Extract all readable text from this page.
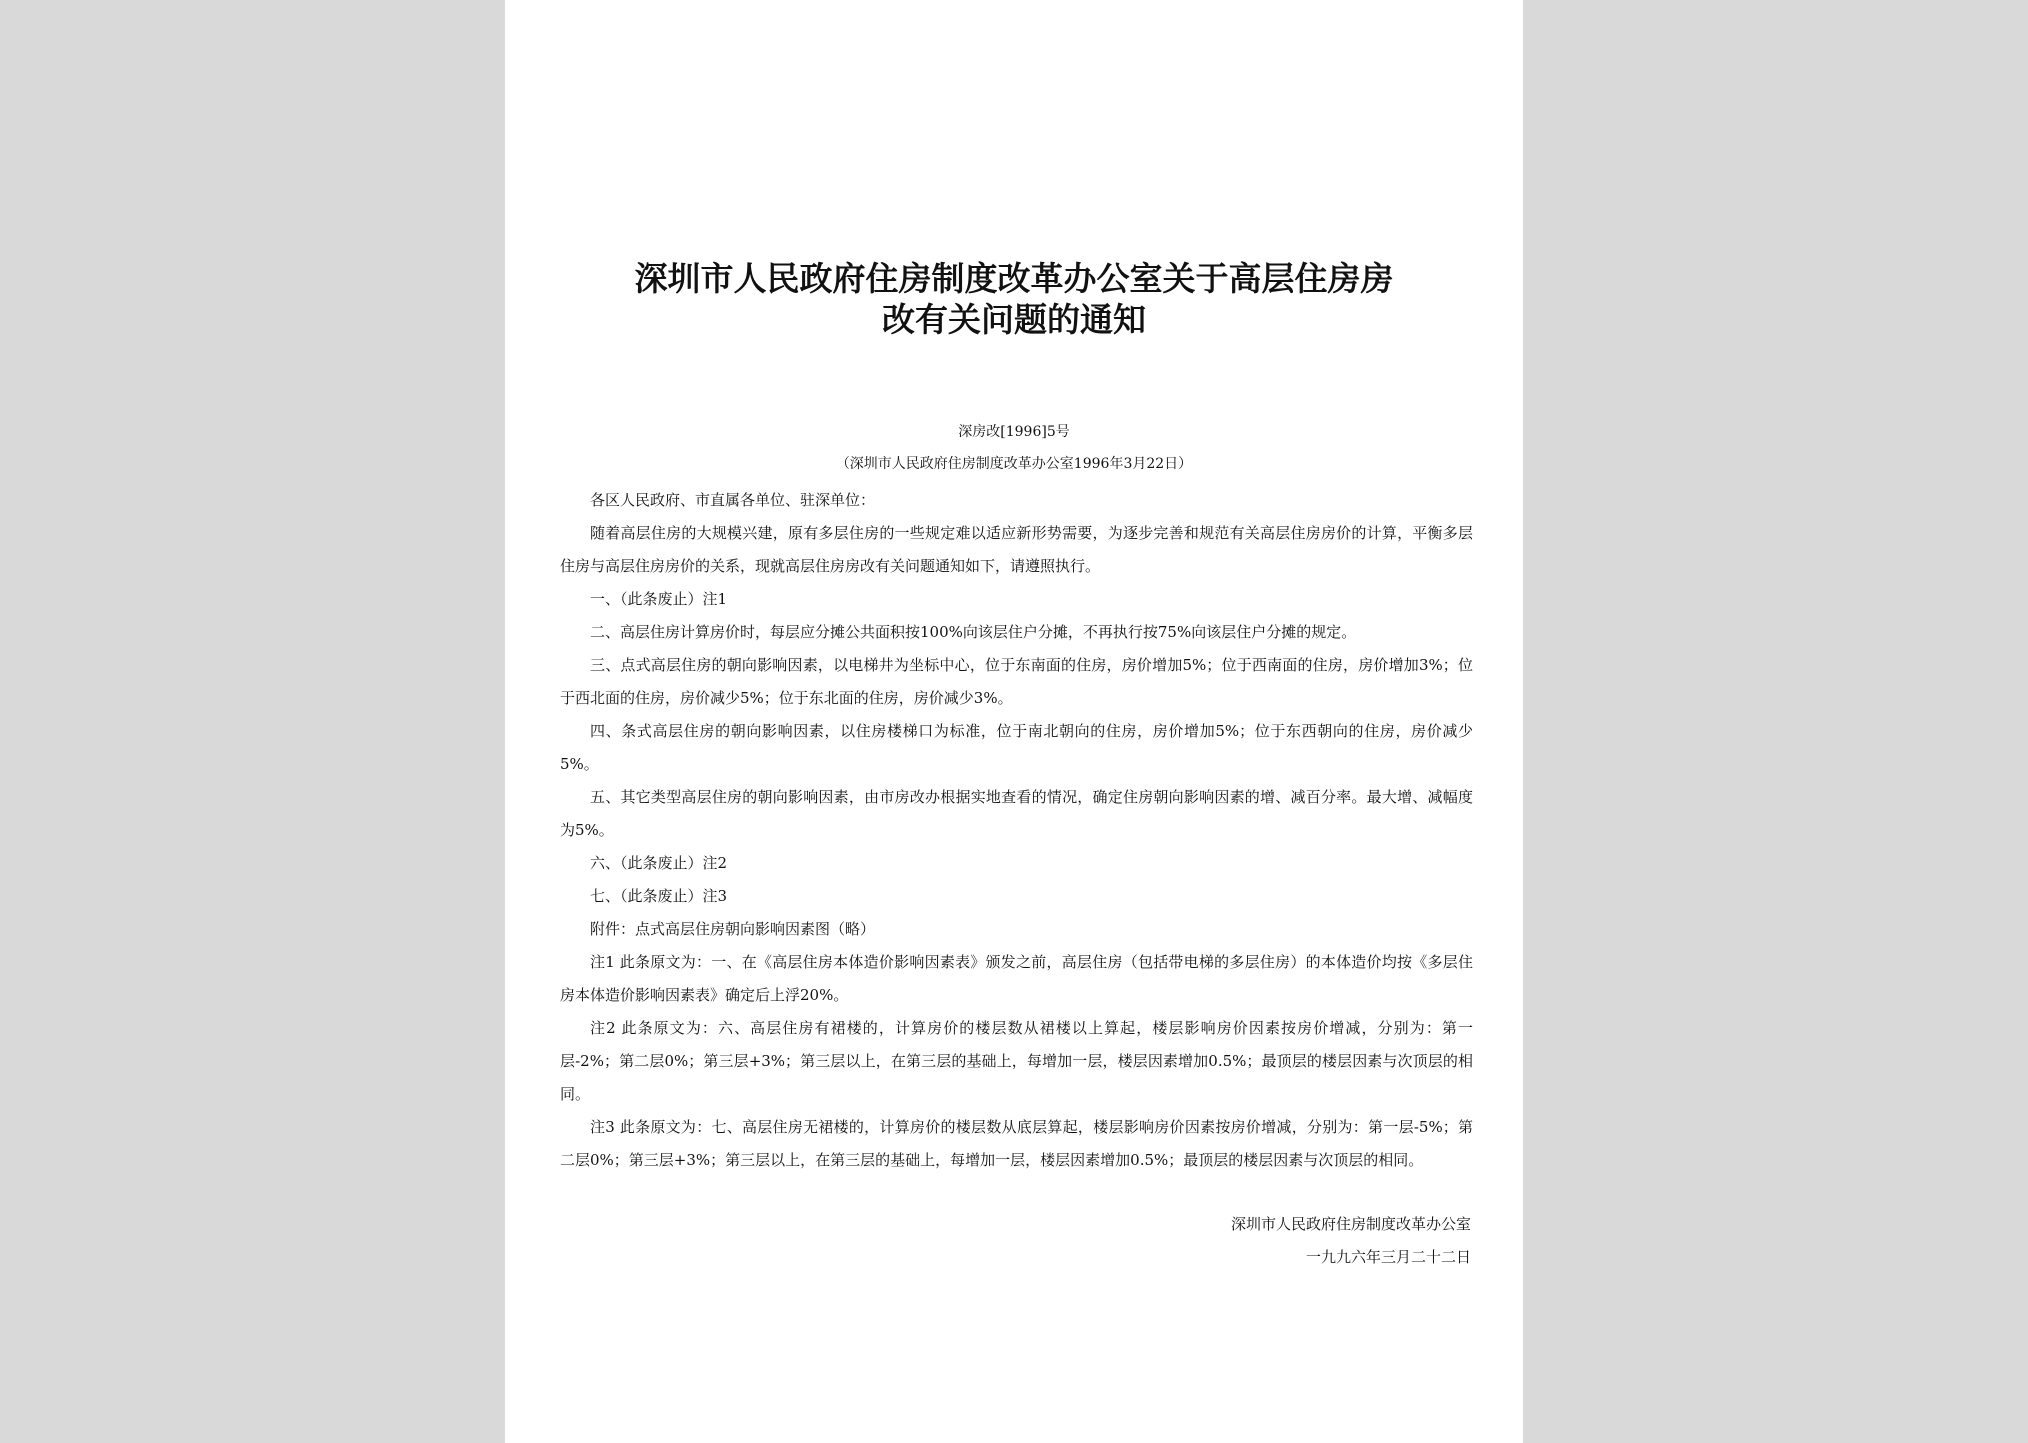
深圳市人民政府住房制度改革办公室关于高层住房房
改有关问题的通知
深房改[1996]5号
（深圳市人民政府住房制度改革办公室1996年3月22日）

各区人民政府、市直属各单位、驻深单位：

随着高层住房的大规模兴建，原有多层住房的一些规定难以适应新形势需要，为逐步完善和规范有关高层住房房价的计算，平衡多层住房与高层住房房价的关系，现就高层住房房改有关问题通知如下，请遵照执行。

一、（此条废止）注1

二、高层住房计算房价时，每层应分摊公共面积按100%向该层住户分摊，不再执行按75%向该层住户分摊的规定。

三、点式高层住房的朝向影响因素，以电梯井为坐标中心，位于东南面的住房，房价增加5%；位于西南面的住房，房价增加3%；位于西北面的住房，房价减少5%；位于东北面的住房，房价减少3%。

四、条式高层住房的朝向影响因素，以住房楼梯口为标准，位于南北朝向的住房，房价增加5%；位于东西朝向的住房，房价减少5%。

五、其它类型高层住房的朝向影响因素，由市房改办根据实地查看的情况，确定住房朝向影响因素的增、减百分率。最大增、减幅度为5%。

六、（此条废止）注2

七、（此条废止）注3

附件：点式高层住房朝向影响因素图（略）

注1 此条原文为：一、在《高层住房本体造价影响因素表》颁发之前，高层住房（包括带电梯的多层住房）的本体造价均按《多层住房本体造价影响因素表》确定后上浮20%。

注2 此条原文为：六、高层住房有裙楼的，计算房价的楼层数从裙楼以上算起，楼层影响房价因素按房价增减，分别为：第一层-2%；第二层0%；第三层+3%；第三层以上，在第三层的基础上，每增加一层，楼层因素增加0.5%；最顶层的楼层因素与次顶层的相同。

注3 此条原文为：七、高层住房无裙楼的，计算房价的楼层数从底层算起，楼层影响房价因素按房价增减，分别为：第一层-5%；第二层0%；第三层+3%；第三层以上，在第三层的基础上，每增加一层，楼层因素增加0.5%；最顶层的楼层因素与次顶层的相同。

深圳市人民政府住房制度改革办公室
一九九六年三月二十二日
